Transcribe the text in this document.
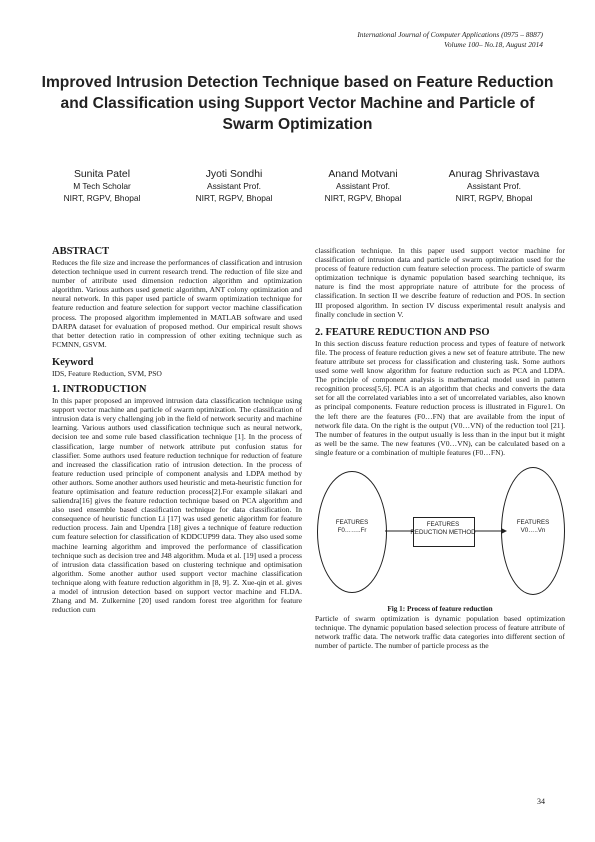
International Journal of Computer Applications (0975 – 8887)
Volume 100– No.18, August 2014
Improved Intrusion Detection Technique based on Feature Reduction and Classification using Support Vector Machine and Particle of Swarm Optimization
Sunita Patel
M Tech Scholar
NIRT, RGPV, Bhopal
Jyoti Sondhi
Assistant Prof.
NIRT, RGPV, Bhopal
Anand Motvani
Assistant Prof.
NIRT, RGPV, Bhopal
Anurag Shrivastava
Assistant Prof.
NIRT, RGPV, Bhopal

ABSTRACT

Reduces the file size and increase the performances of classification and intrusion detection technique used in current research trend. The reduction of file size and number of attribute used dimension reduction algorithm and optimization algorithm. Various authors used genetic algorithm, ANT colony optimization and neural network. In this paper used particle of swarm optimization technique for feature reduction and feature selection for support vector machine classification process. The proposed algorithm implemented in MATLAB software and used DARPA dataset for evaluation of proposed method. Our empirical result shows that better detection ratio in compression of other exiting technique such as FCMNN, GSVM.

Keyword

IDS, Feature Reduction, SVM, PSO

1. INTRODUCTION

In this paper proposed an improved intrusion data classification technique using support vector machine and particle of swarm optimization. The classification of intrusion data is very challenging job in the field of network security and machine learning. Various authors used classification technique such as neural network, decision tee and some rule based classification technique [1]. In the process of classification, large number of network attribute put confusion status for classifier. Some authors used feature reduction technique for reduction of feature and increased the classification ratio of intrusion detection. In the process of feature reduction used principle of component analysis and LDPA method by other authors. Some another authors used heuristic and meta-heuristic function for feature optimisation and feature reduction process[2].For example silakari and saliendra[16] gives the feature reduction technique based on PCA algorithm and also used ensemble based classification technique for data classification. In consequence of heuristic function Li [17] was used genetic algorithm for feature reduction process. Jain and Upendra [18] gives a technique of feature reduction cum feature selection for classification of KDDCUP99 data. They also used some machine learning algorithm and improved the performance of classification technique such as decision tree and J48 algorithm. Muda et al. [19] used a process of intrusion data classification based on clustering technique and optimisation algorithm. Some another author used support vector machine classification technique along with feature reduction algorithm in [8, 9]. Z. Xue-qin et al. gives a model of intrusion detection based on support vector machine and FLDA. Zhang and M. Zulkernine [20] used random forest tree algorithm for feature reduction cum

classification technique. In this paper used support vector machine for classification of intrusion data and particle of swarm optimization used for the process of feature reduction cum feature selection process. The particle of swarm optimization technique is dynamic population based searching technique, its nature is find the most appropriate nature of attribute for the process of classification. In section II we describe feature of reduction and POS. In section III proposed algorithm. In section IV discuss experimental result analysis and finally conclude in section V.

2. FEATURE REDUCTION AND PSO

In this section discuss feature reduction process and types of feature of network file. The process of feature reduction gives a new set of feature attribute. The new feature attribute set process for classification and clustering task. Some authors used some well know algorithm for feature reduction such as PCA and LDPA. The principle of component analysis is mathematical model used in pattern recognition process[5,6]. PCA is an algorithm that checks and converts the data set for all the correlated variables into a set of uncorrelated variables, also known as principal components. Feature reduction process is illustrated in Figure1. On the left there are the features (F0…FN) that are available from the input of network file data. On the right is the output (V0…VN) of the reduction tool [21]. The number of features in the output usually is less than in the input but it might as well be the same. The new features (V0…VN), can be calculated based on a single feature or a combination of multiple features (F0…FN).

FEATURES
F0……..Fr
FEATURES
REDUCTION METHOD
FEATURES
V0…..Vn

Fig 1: Process of feature reduction

Particle of swarm optimization is dynamic population based optimization technique. The dynamic population based selection process of feature attribute of network traffic data. The network traffic data categories into different section of number of particle. The number of particle process as the

34
